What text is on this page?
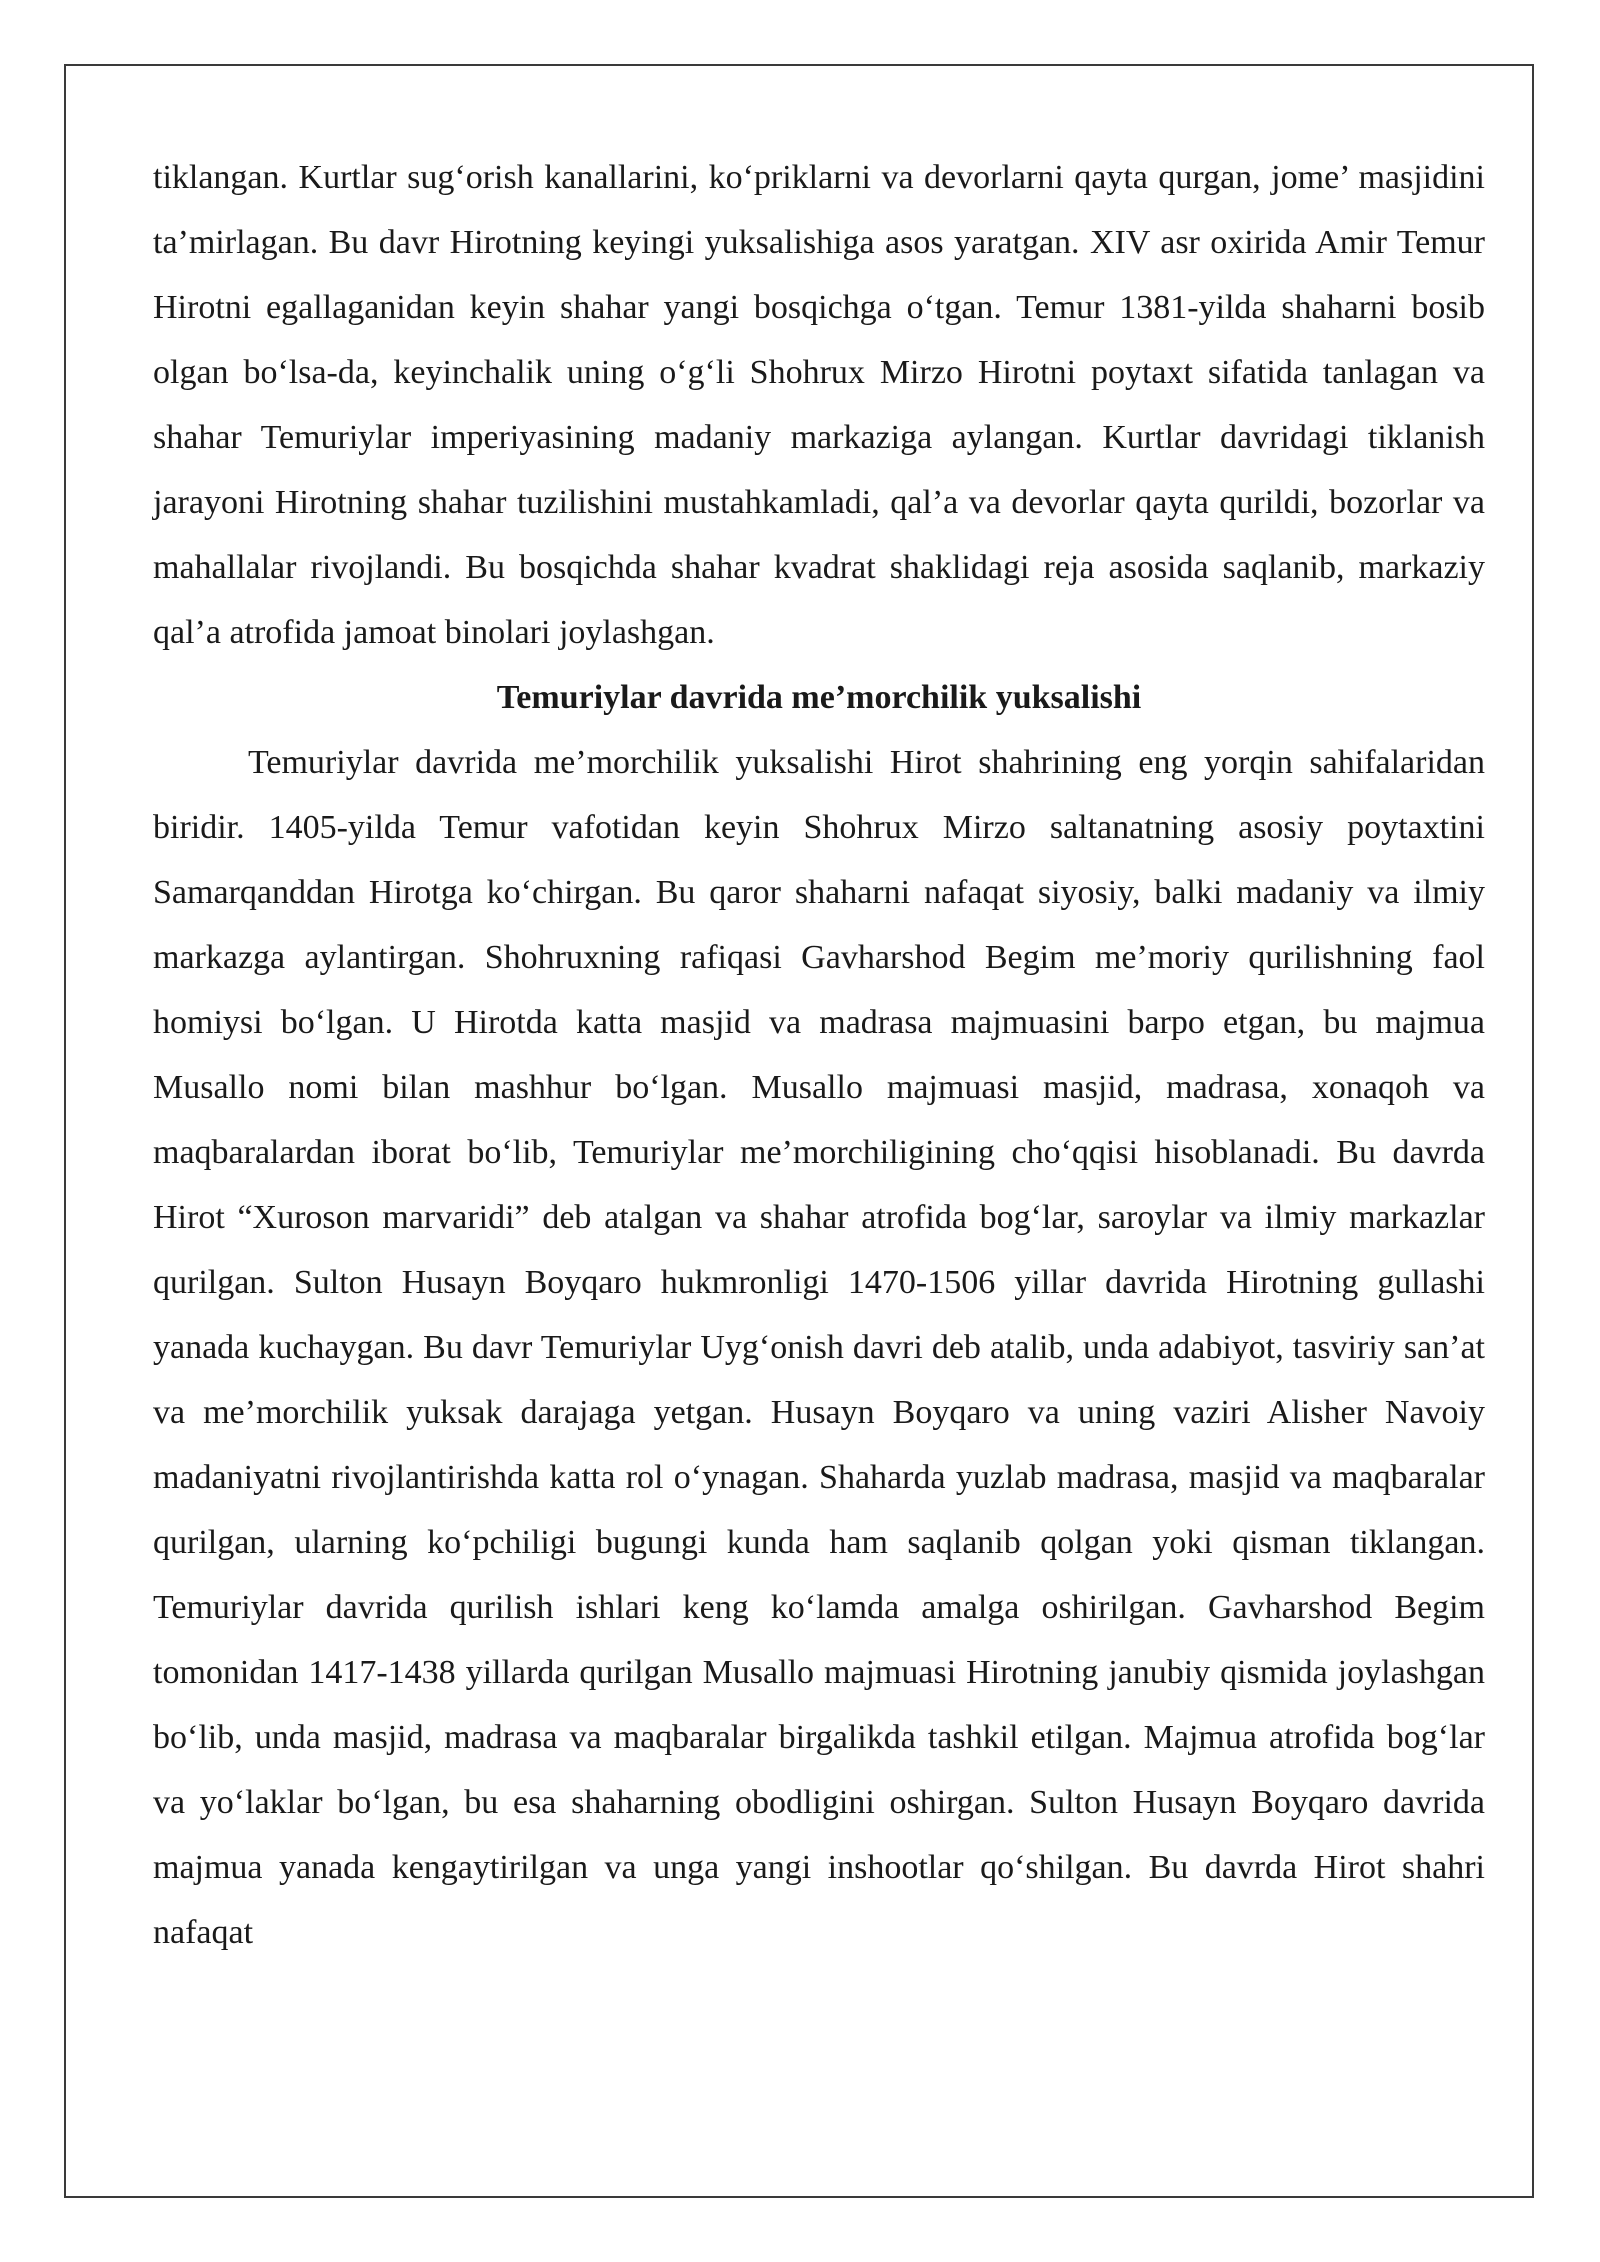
tiklangan. Kurtlar sug‘orish kanallarini, ko‘priklarni va devorlarni qayta qurgan, jome’ masjidini ta’mirlagan. Bu davr Hirotning keyingi yuksalishiga asos yaratgan. XIV asr oxirida Amir Temur Hirotni egallaganidan keyin shahar yangi bosqichga o‘tgan. Temur 1381-yilda shaharni bosib olgan bo‘lsa-da, keyinchalik uning o‘g‘li Shohrux Mirzo Hirotni poytaxt sifatida tanlagan va shahar Temuriylar imperiyasining madaniy markaziga aylangan. Kurtlar davridagi tiklanish jarayoni Hirotning shahar tuzilishini mustahkamladi, qal’a va devorlar qayta qurildi, bozorlar va mahallalar rivojlandi. Bu bosqichda shahar kvadrat shaklidagi reja asosida saqlanib, markaziy qal’a atrofida jamoat binolari joylashgan.

Temuriylar davrida me’morchilik yuksalishi

Temuriylar davrida me’morchilik yuksalishi Hirot shahrining eng yorqin sahifalaridan biridir. 1405-yilda Temur vafotidan keyin Shohrux Mirzo saltanatning asosiy poytaxtini Samarqanddan Hirotga ko‘chirgan. Bu qaror shaharni nafaqat siyosiy, balki madaniy va ilmiy markazga aylantirgan. Shohruxning rafiqasi Gavharshod Begim me’moriy qurilishning faol homiysi bo‘lgan. U Hirotda katta masjid va madrasa majmuasini barpo etgan, bu majmua Musallo nomi bilan mashhur bo‘lgan. Musallo majmuasi masjid, madrasa, xonaqoh va maqbaralardan iborat bo‘lib, Temuriylar me’morchiligining cho‘qqisi hisoblanadi. Bu davrda Hirot “Xuroson marvaridi” deb atalgan va shahar atrofida bog‘lar, saroylar va ilmiy markazlar qurilgan. Sulton Husayn Boyqaro hukmronligi 1470-1506 yillar davrida Hirotning gullashi yanada kuchaygan. Bu davr Temuriylar Uyg‘onish davri deb atalib, unda adabiyot, tasviriy san’at va me’morchilik yuksak darajaga yetgan. Husayn Boyqaro va uning vaziri Alisher Navoiy madaniyatni rivojlantirishda katta rol o‘ynagan. Shaharda yuzlab madrasa, masjid va maqbaralar qurilgan, ularning ko‘pchiligi bugungi kunda ham saqlanib qolgan yoki qisman tiklangan. Temuriylar davrida qurilish ishlari keng ko‘lamda amalga oshirilgan. Gavharshod Begim tomonidan 1417-1438 yillarda qurilgan Musallo majmuasi Hirotning janubiy qismida joylashgan bo‘lib, unda masjid, madrasa va maqbaralar birgalikda tashkil etilgan. Majmua atrofida bog‘lar va yo‘laklar bo‘lgan, bu esa shaharning obodligini oshirgan. Sulton Husayn Boyqaro davrida majmua yanada kengaytirilgan va unga yangi inshootlar qo‘shilgan. Bu davrda Hirot shahri nafaqat
